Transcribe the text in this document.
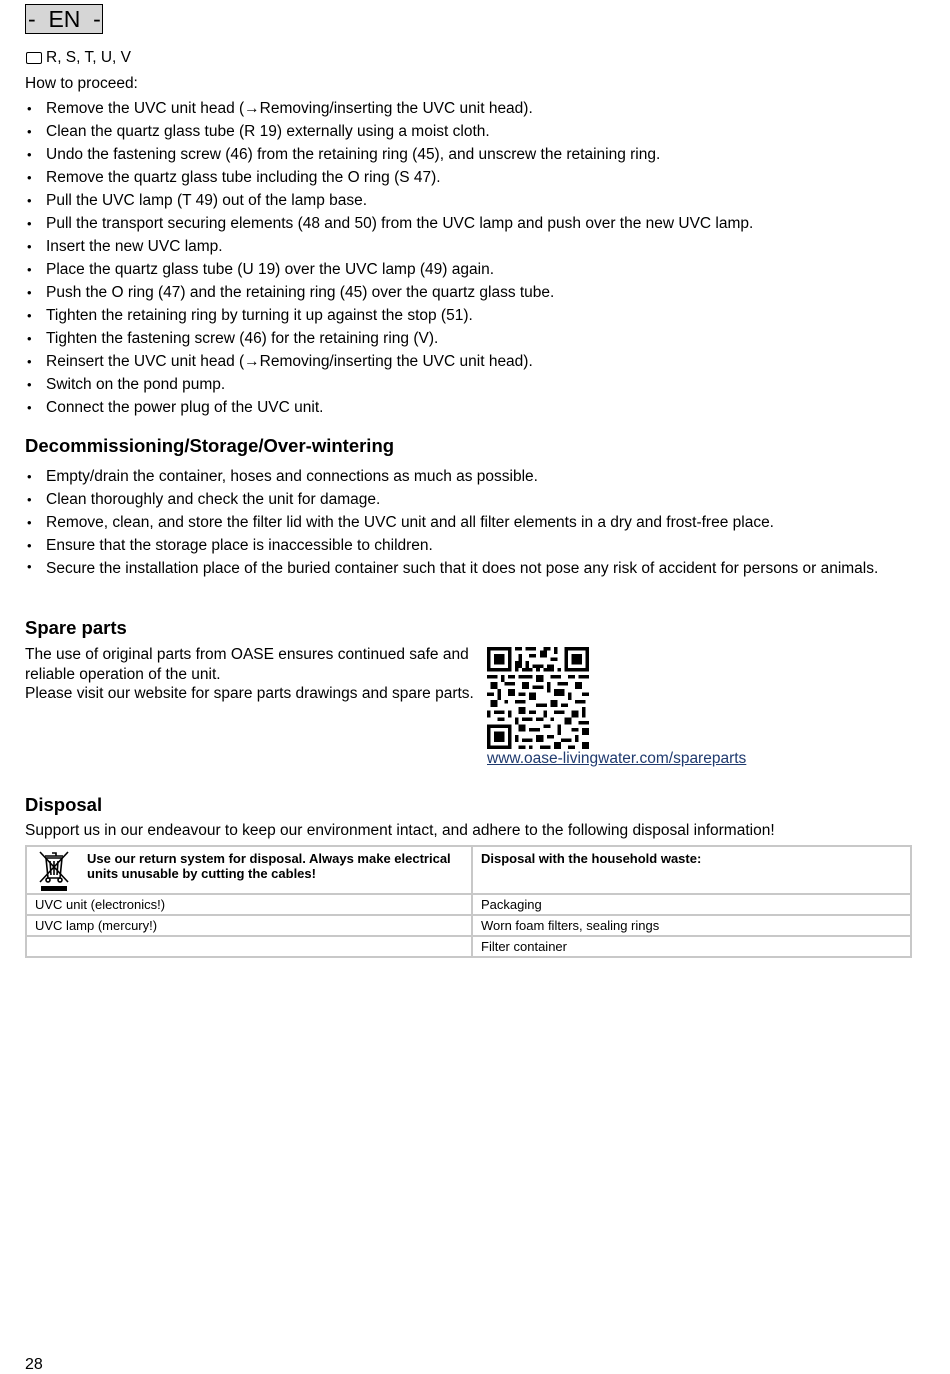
-  EN  -
R, S, T, U, V
How to proceed:
• Remove the UVC unit head (→Removing/inserting the UVC unit head).
• Clean the quartz glass tube (R 19) externally using a moist cloth.
• Undo the fastening screw (46) from the retaining ring (45), and unscrew the retaining ring.
• Remove the quartz glass tube including the O ring (S 47).
• Pull the UVC lamp (T 49) out of the lamp base.
• Pull the transport securing elements (48 and 50) from the UVC lamp and push over the new UVC lamp.
• Insert the new UVC lamp.
• Place the quartz glass tube (U 19) over the UVC lamp (49) again.
• Push the O ring (47) and the retaining ring (45) over the quartz glass tube.
• Tighten the retaining ring by turning it up against the stop (51).
• Tighten the fastening screw (46) for the retaining ring (V).
• Reinsert the UVC unit head (→Removing/inserting the UVC unit head).
• Switch on the pond pump.
• Connect the power plug of the UVC unit.
Decommissioning/Storage/Over-wintering
• Empty/drain the container, hoses and connections as much as possible.
• Clean thoroughly and check the unit for damage.
• Remove, clean, and store the filter lid with the UVC unit and all filter elements in a dry and frost-free place.
• Ensure that the storage place is inaccessible to children.
• Secure the installation place of the buried container such that it does not pose any risk of accident for persons or animals.
Spare parts
The use of original parts from OASE ensures continued safe and reliable operation of the unit.
Please visit our website for spare parts drawings and spare parts.
www.oase-livingwater.com/spareparts
Disposal
Support us in our endeavour to keep our environment intact, and adhere to the following disposal information!
Use our return system for disposal. Always make electrical units unusable by cutting the cables!	Disposal with the household waste:

UVC unit (electronics!)	Packaging
UVC lamp (mercury!)	Worn foam filters, sealing rings
	Filter container
28
